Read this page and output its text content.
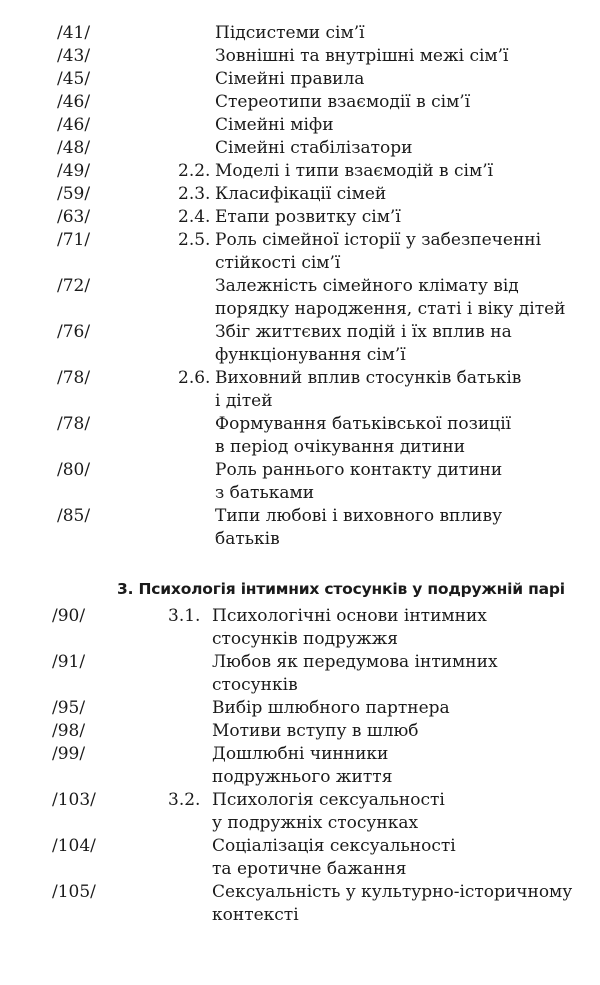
/41/	Підсистеми сім’ї
/43/	Зовнішні та внутрішні межі сім’ї
/45/	Сімейні правила
/46/	Стереотипи взаємодії в сім’ї
/46/	Сімейні міфи
/48/	Сімейні стабілізатори
/49/	2.2. Моделі і типи взаємодій в сім’ї
/59/	2.3. Класифікації сімей
/63/	2.4. Етапи розвитку сім’ї
/71/	2.5. Роль сімейної історії у забезпеченні
стійкості сім’ї
/72/	Залежність сімейного клімату від
порядку народження, статі і віку дітей
/76/	Збіг життєвих подій і їх вплив на
функціонування сім’ї
/78/	2.6. Виховний вплив стосунків батьків
і дітей
/78/	Формування батьківської позиції
в період очікування дитини
/80/	Роль раннього контакту дитини
з батьками
/85/	Типи любові і виховного впливу
батьків
3. Психологія інтимних стосунків у подружній парі
/90/	3.1. Психологічні основи інтимних
стосунків подружжя
/91/	Любов як передумова інтимних
стосунків
/95/	Вибір шлюбного партнера
/98/	Мотиви вступу в шлюб
/99/	Дошлюбні чинники
подружнього життя
/103/	3.2. Психологія сексуальності
у подружніх стосунках
/104/	Соціалізація сексуальності
та еротичне бажання
/105/	Сексуальність у культурно-історичному
контексті
